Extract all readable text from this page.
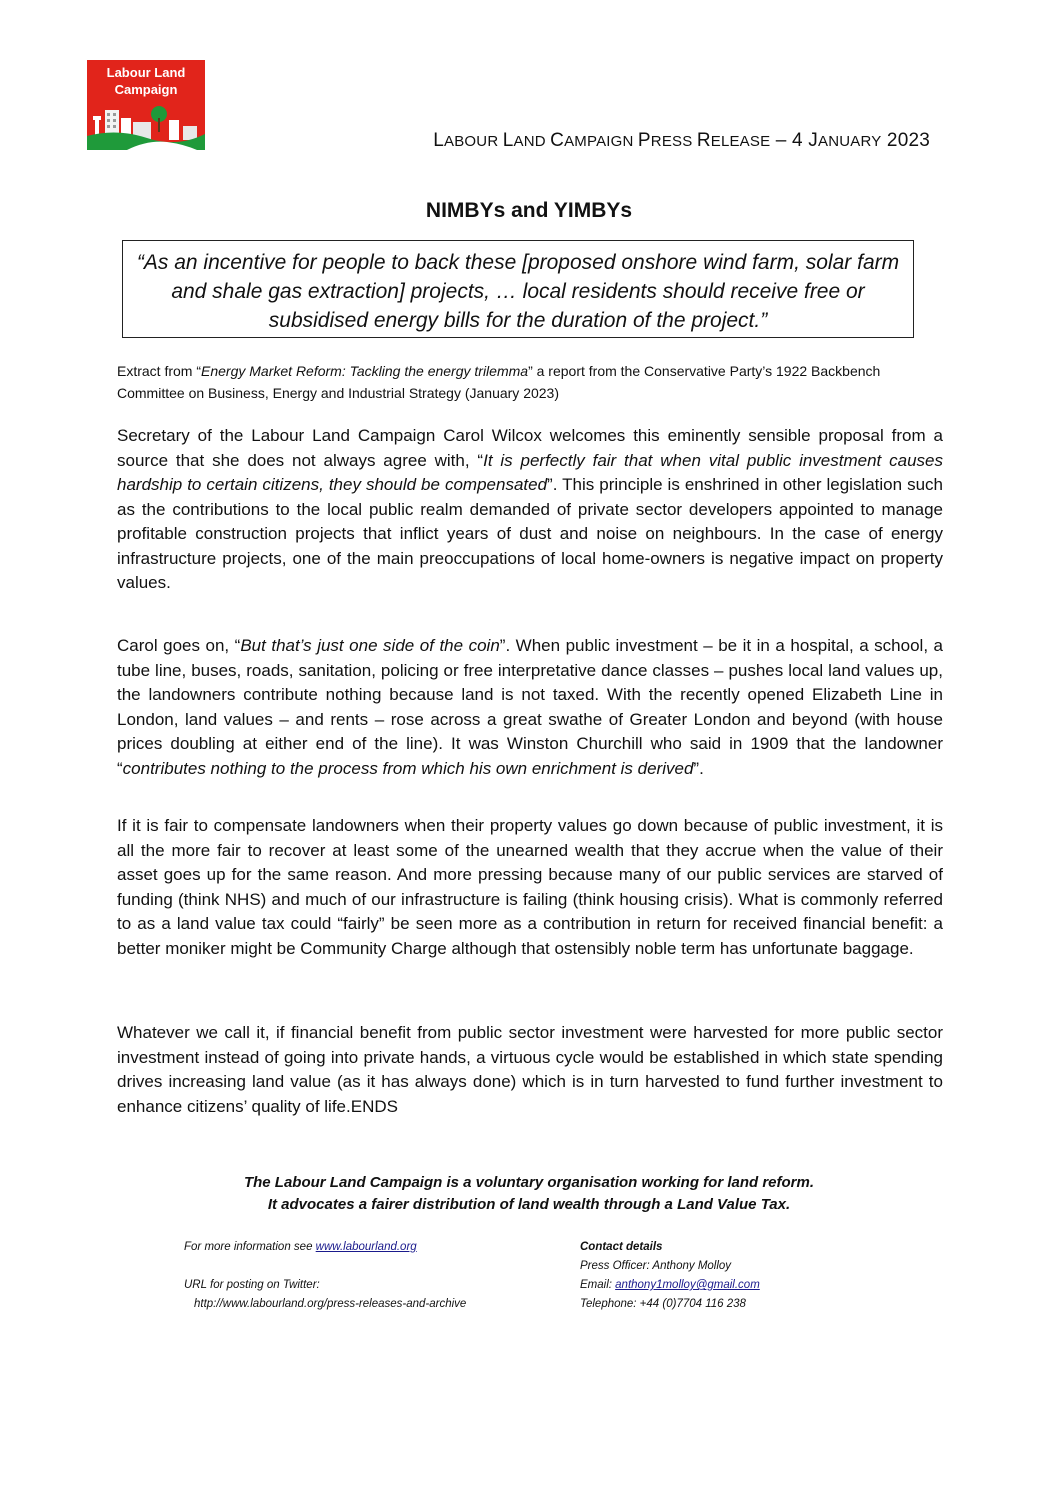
Labour Land
Campaign
LABOUR LAND CAMPAIGN PRESS RELEASE – 4 JANUARY 2023
NIMBYs and YIMBYs
“As an incentive for people to back these [proposed onshore wind farm, solar farm and shale gas extraction] projects, … local residents should receive free or subsidised energy bills for the duration of the project.”
Extract from “Energy Market Reform: Tackling the energy trilemma” a report from the Conservative Party’s 1922 Backbench Committee on Business, Energy and Industrial Strategy (January 2023)

Secretary of the Labour Land Campaign Carol Wilcox welcomes this eminently sensible proposal from a source that she does not always agree with, “It is perfectly fair that when vital public investment causes hardship to certain citizens, they should be compensated”. This principle is enshrined in other legislation such as the contributions to the local public realm demanded of private sector developers appointed to manage profitable construction projects that inflict years of dust and noise on neighbours. In the case of energy infrastructure projects, one of the main preoccupations of local home-owners is negative impact on property values.

Carol goes on, “But that’s just one side of the coin”. When public investment – be it in a hospital, a school, a tube line, buses, roads, sanitation, policing or free interpretative dance classes – pushes local land values up, the landowners contribute nothing because land is not taxed. With the recently opened Elizabeth Line in London, land values – and rents – rose across a great swathe of Greater London and beyond (with house prices doubling at either end of the line). It was Winston Churchill who said in 1909 that the landowner “contributes nothing to the process from which his own enrichment is derived”.

If it is fair to compensate landowners when their property values go down because of public investment, it is all the more fair to recover at least some of the unearned wealth that they accrue when the value of their asset goes up for the same reason. And more pressing because many of our public services are starved of funding (think NHS) and much of our infrastructure is failing (think housing crisis). What is commonly referred to as a land value tax could “fairly” be seen more as a contribution in return for received financial benefit: a better moniker might be Community Charge although that ostensibly noble term has unfortunate baggage.

Whatever we call it, if financial benefit from public sector investment were harvested for more public sector investment instead of going into private hands, a virtuous cycle would be established in which state spending drives increasing land value (as it has always done) which is in turn harvested to fund further investment to enhance citizens’ quality of life.ENDS

The Labour Land Campaign is a voluntary organisation working for land reform.
It advocates a fairer distribution of land wealth through a Land Value Tax.
For more information see www.labourland.org
URL for posting on Twitter:
http://www.labourland.org/press-releases-and-archive
Contact details
Press Officer: Anthony Molloy
Email: anthony1molloy@gmail.com
Telephone: +44 (0)7704 116 238
